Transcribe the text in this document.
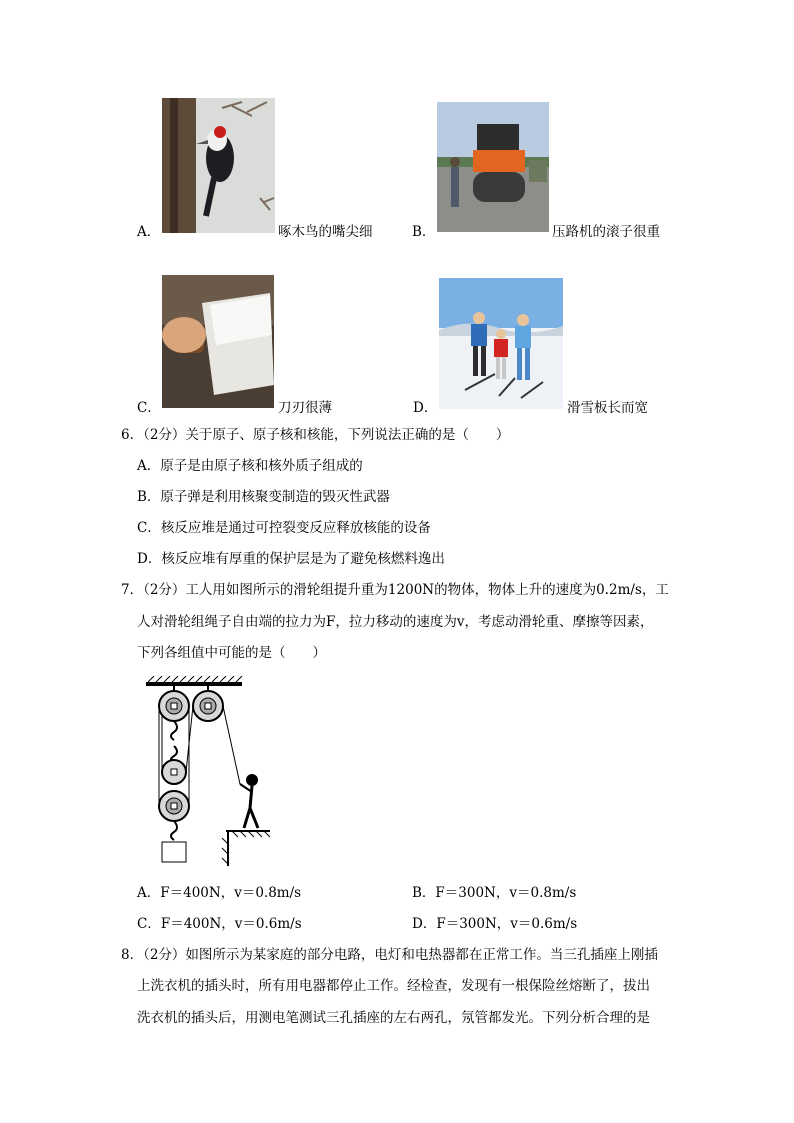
A．	啄木鸟的嘴尖细	B．	压路机的滚子很重
C．	刀刃很薄	D．	滑雪板长而宽
6．（2分）关于原子、原子核和核能，下列说法正确的是（　　）
A．原子是由原子核和核外质子组成的
B．原子弹是利用核聚变制造的毁灭性武器
C．核反应堆是通过可控裂变反应释放核能的设备
D．核反应堆有厚重的保护层是为了避免核燃料逸出
7．（2分）工人用如图所示的滑轮组提升重为1200N的物体，物体上升的速度为0.2m/s，工
人对滑轮组绳子自由端的拉力为F，拉力移动的速度为v，考虑动滑轮重、摩擦等因素，
下列各组值中可能的是（　　）
A．F＝400N，v＝0.8m/s	B．F＝300N，v＝0.8m/s
C．F＝400N，v＝0.6m/s	D．F＝300N，v＝0.6m/s
8．（2分）如图所示为某家庭的部分电路，电灯和电热器都在正常工作。当三孔插座上刚插
上洗衣机的插头时，所有用电器都停止工作。经检查，发现有一根保险丝熔断了，拔出
洗衣机的插头后，用测电笔测试三孔插座的左右两孔，氖管都发光。下列分析合理的是
